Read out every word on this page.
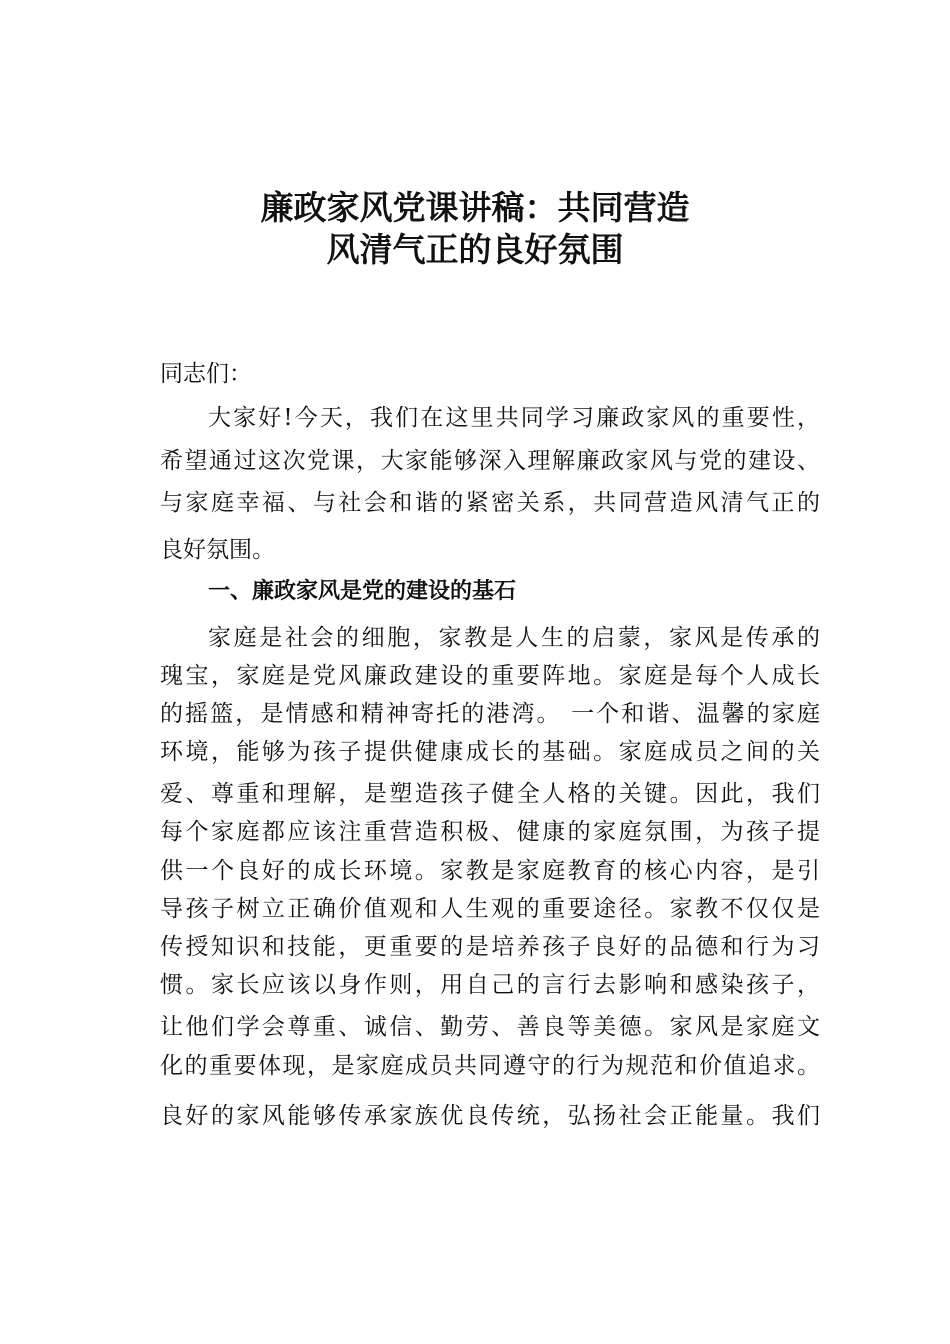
廉政家风党课讲稿：共同营造
风清气正的良好氛围
同志们：
大家好!今天，我们在这里共同学习廉政家风的重要性，
希望通过这次党课，大家能够深入理解廉政家风与党的建设、
与家庭幸福、与社会和谐的紧密关系，共同营造风清气正的
良好氛围。
一、廉政家风是党的建设的基石
家庭是社会的细胞，家教是人生的启蒙，家风是传承的
瑰宝，家庭是党风廉政建设的重要阵地。家庭是每个人成长
的摇篮，是情感和精神寄托的港湾。 一个和谐、温馨的家庭
环境，能够为孩子提供健康成长的基础。家庭成员之间的关
爱、尊重和理解，是塑造孩子健全人格的关键。因此，我们
每个家庭都应该注重营造积极、健康的家庭氛围，为孩子提
供一个良好的成长环境。家教是家庭教育的核心内容，是引
导孩子树立正确价值观和人生观的重要途径。家教不仅仅是
传授知识和技能，更重要的是培养孩子良好的品德和行为习
惯。家长应该以身作则，用自己的言行去影响和感染孩子，
让他们学会尊重、诚信、勤劳、善良等美德。家风是家庭文
化的重要体现，是家庭成员共同遵守的行为规范和价值追求。
良好的家风能够传承家族优良传统，弘扬社会正能量。我们
